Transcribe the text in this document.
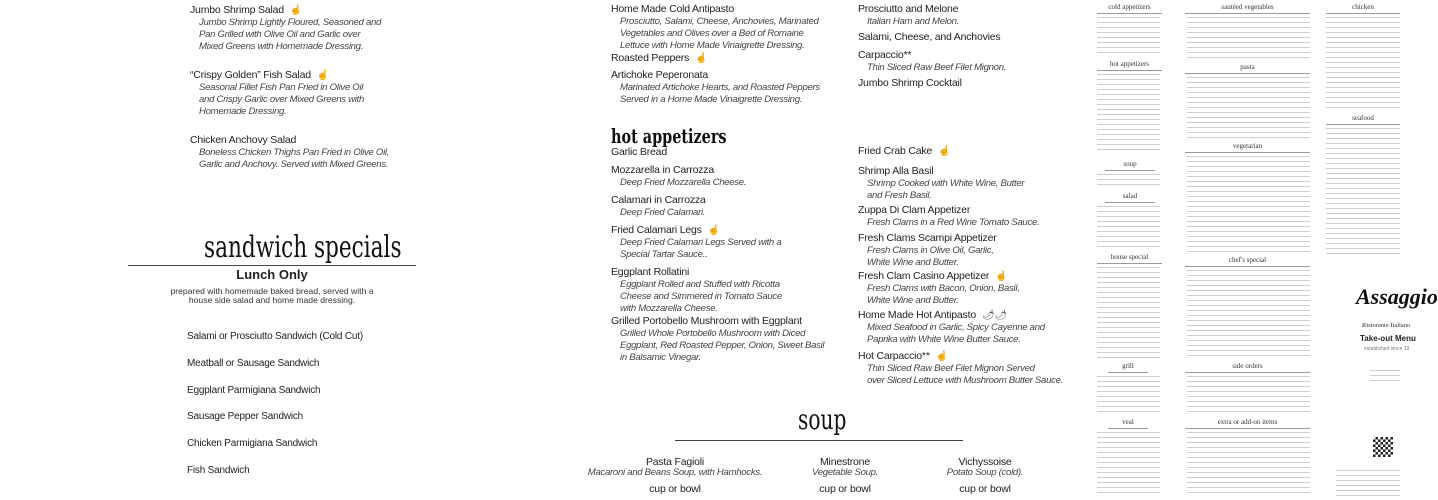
Jumbo Shrimp Salad ☝
Jumbo Shrimp Lightly Floured, Seasoned and
Pan Grilled with Olive Oil and Garlic over
Mixed Greens with Homemade Dressing.
“Crispy Golden” Fish Salad ☝
Seasonal Fillet Fish Pan Fried in Olive Oil
and Crispy Garlic over Mixed Greens with
Homemade Dressing.
Chicken Anchovy Salad
Boneless Chicken Thighs Pan Fried in Olive Oil,
Garlic and Anchovy. Served with Mixed Greens.
sandwich specials
Lunch Only
prepared with homemade baked bread, served with a
house side salad and home made dressing.
Salami or Prosciutto Sandwich (Cold Cut)
Meatball or Sausage Sandwich
Eggplant Parmigiana Sandwich
Sausage Pepper Sandwich
Chicken Parmigiana Sandwich
Fish Sandwich
Home Made Cold Antipasto
Prosciutto, Salami, Cheese, Anchovies, Marinated
Vegetables and Olives over a Bed of Romaine
Lettuce with Home Made Vinaigrette Dressing.
Roasted Peppers ☝
Artichoke Peperonata
Marinated Artichoke Hearts, and Roasted Peppers
Served in a Home Made Vinaigrette Dressing.
Prosciutto and Melone
Italian Ham and Melon.
Salami, Cheese, and Anchovies
Carpaccio**
Thin Sliced Raw Beef Filet Mignon.
Jumbo Shrimp Cocktail
hot appetizers
Garlic Bread
Mozzarella in Carrozza
Deep Fried Mozzarella Cheese.
Calamari in Carrozza
Deep Fried Calamari.
Fried Calamari Legs ☝
Deep Fried Calamari Legs Served with a
Special Tartar Sauce..
Eggplant Rollatini
Eggplant Rolled and Stuffed with Ricotta
Cheese and Simmered in Tomato Sauce
with Mozzarella Cheese.
Grilled Portobello Mushroom with Eggplant
Grilled Whole Portobello Mushroom with Diced
Eggplant, Red Roasted Pepper, Onion, Sweet Basil
in Balsamic Vinegar.
Fried Crab Cake ☝
Shrimp Alla Basil
Shrimp Cooked with White Wine, Butter
and Fresh Basil.
Zuppa Di Clam Appetizer
Fresh Clams in a Red Wine Tomato Sauce.
Fresh Clams Scampi Appetizer
Fresh Clams in Olive Oil, Garlic,
White Wine and Butter.
Fresh Clam Casino Appetizer ☝
Fresh Clams with Bacon, Onion, Basil,
White Wine and Butter.
Home Made Hot Antipasto 🌶🌶
Mixed Seafood in Garlic, Spicy Cayenne and
Paprika with White Wine Butter Sauce.
Hot Carpaccio** ☝
Thin Sliced Raw Beef Filet Mignon Served
over Sliced Lettuce with Mushroom Butter Sauce.
soup
Pasta Fagioli
Macaroni and Beans Soup, with Hamhocks.
cup or bowl
Minestrone
Vegetable Soup.
cup or bowl
Vichyssoise
Potato Soup (cold).
cup or bowl
cold appetizers
hot appetizers
soup
salad
house special
grill
veal
sautéed vegetables
pasta
vegetarian
chef's special
side orders
extra or add-on items
chicken
seafood
Assaggio
Ristorante Italiano
Take-out Menu
established since 19
